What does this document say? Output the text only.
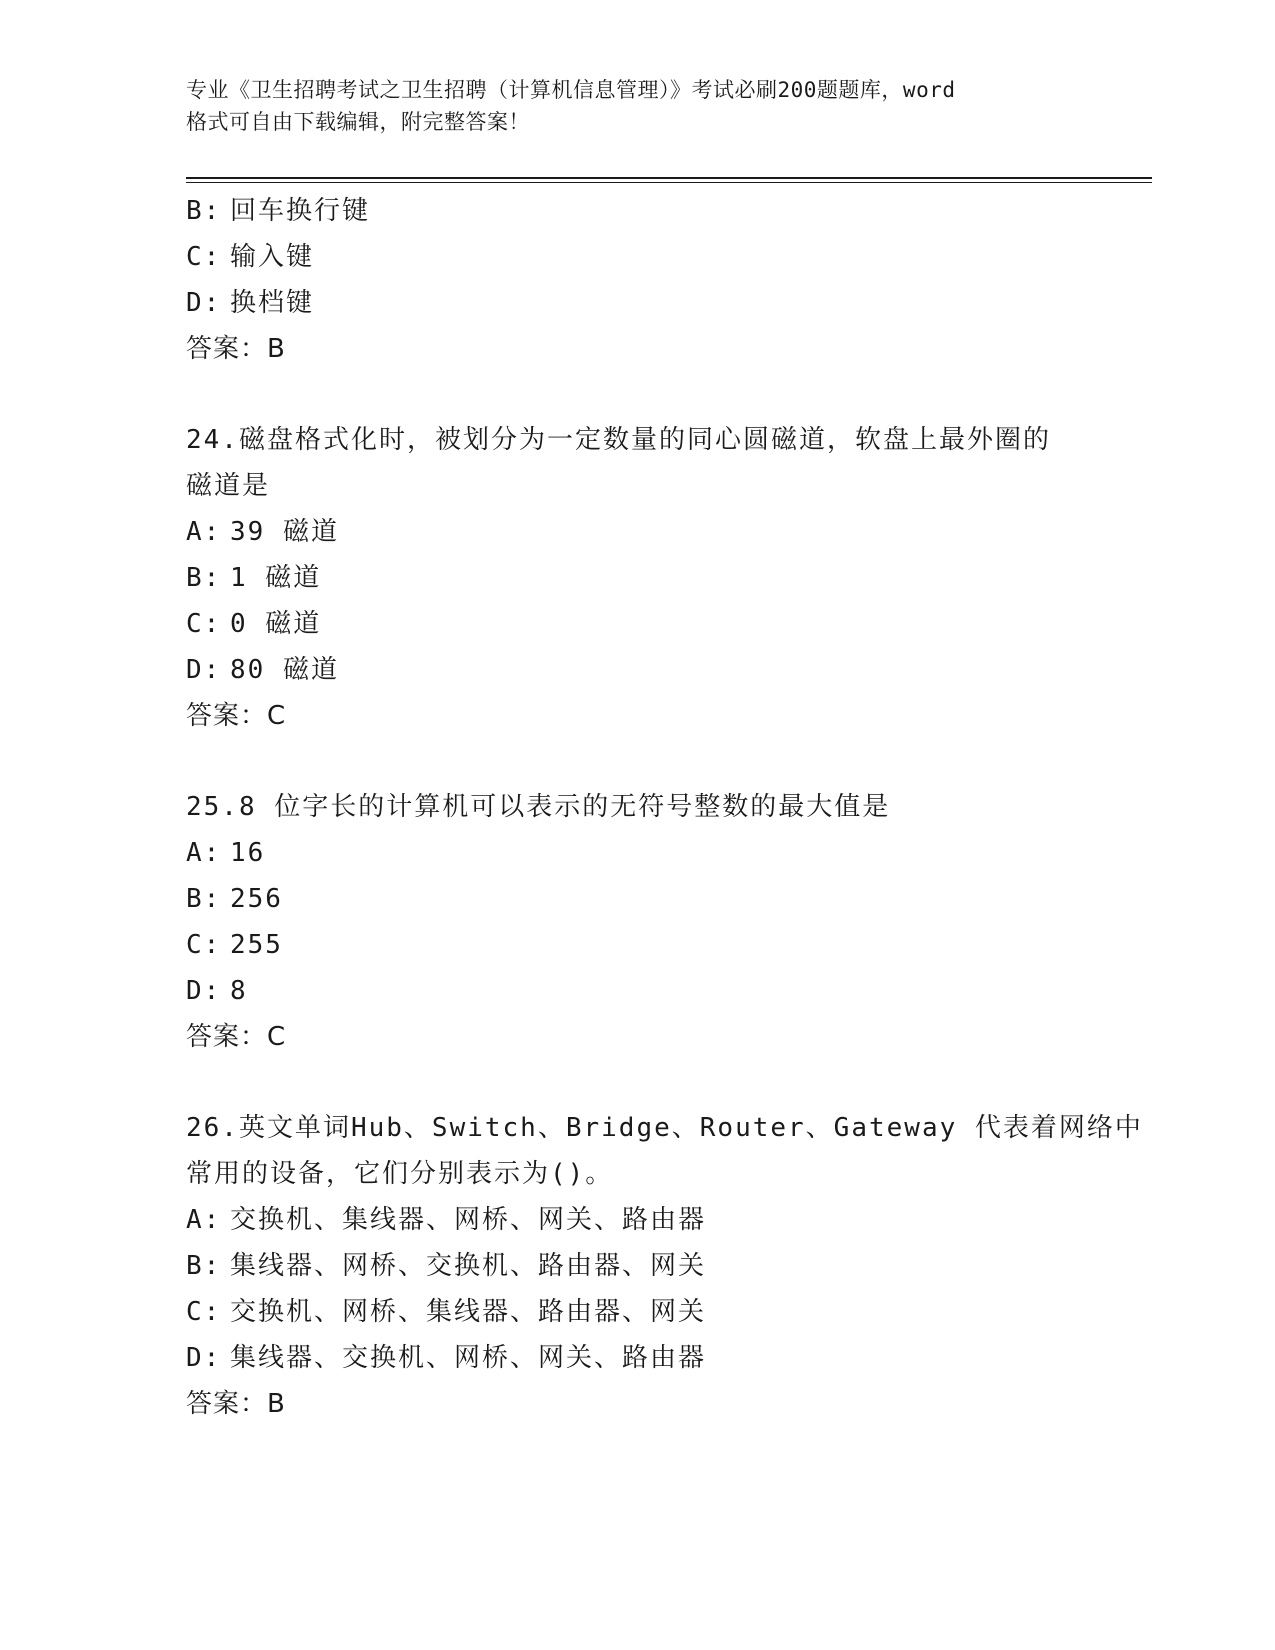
专业《卫生招聘考试之卫生招聘（计算机信息管理）》考试必刷200题题库，word
格式可自由下载编辑，附完整答案！
B: 回车换行键
C: 输入键
D: 换档键
答案：B
24.磁盘格式化时，被划分为一定数量的同心圆磁道，软盘上最外圈的
磁道是
A: 39 磁道
B: 1 磁道
C: 0 磁道
D: 80 磁道
答案：C
25.8 位字长的计算机可以表示的无符号整数的最大值是
A: 16
B: 256
C: 255
D: 8
答案：C
26.英文单词Hub、Switch、Bridge、Router、Gateway 代表着网络中
常用的设备，它们分别表示为()。
A: 交换机、集线器、网桥、网关、路由器
B: 集线器、网桥、交换机、路由器、网关
C: 交换机、网桥、集线器、路由器、网关
D: 集线器、交换机、网桥、网关、路由器
答案：B
